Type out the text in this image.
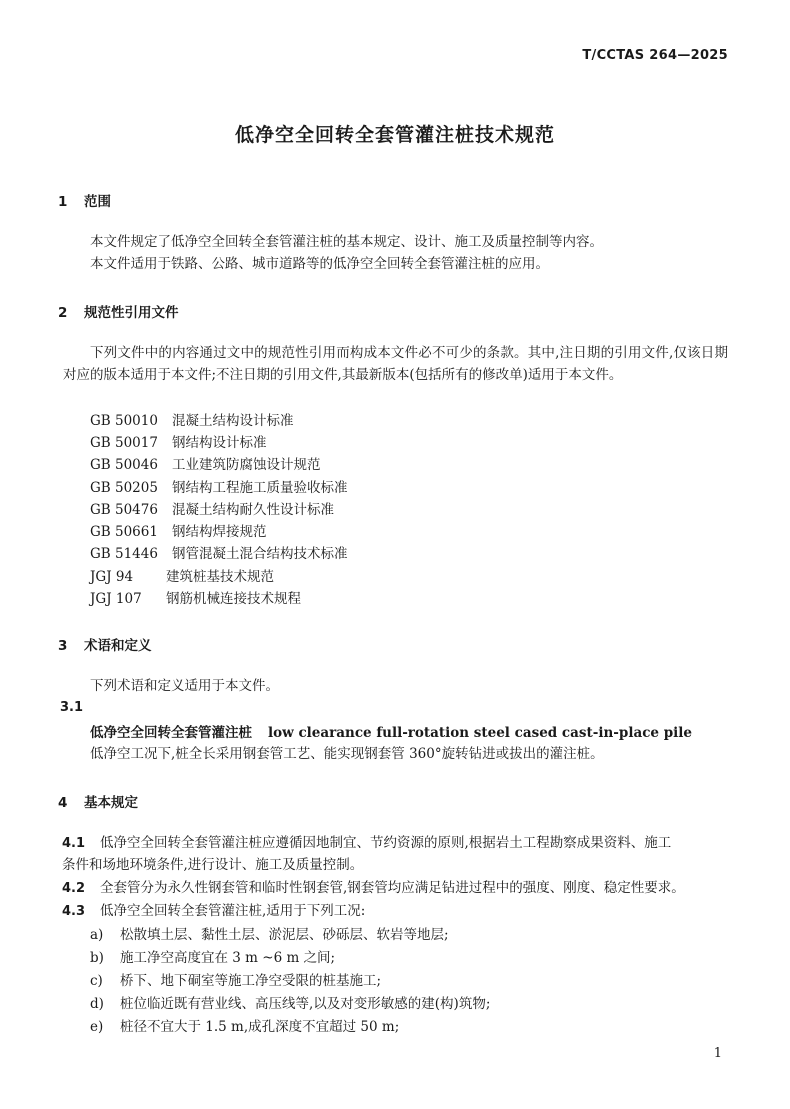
T/CCTAS 264—2025
低净空全回转全套管灌注桩技术规范
1 范围
本文件规定了低净空全回转全套管灌注桩的基本规定、设计、施工及质量控制等内容。
本文件适用于铁路、公路、城市道路等的低净空全回转全套管灌注桩的应用。
2 规范性引用文件
下列文件中的内容通过文中的规范性引用而构成本文件必不可少的条款。其中,注日期的引用文件,仅该日期对应的版本适用于本文件;不注日期的引用文件,其最新版本(包括所有的修改单)适用于本文件。
GB 50010 混凝土结构设计标准
GB 50017 钢结构设计标准
GB 50046 工业建筑防腐蚀设计规范
GB 50205 钢结构工程施工质量验收标准
GB 50476 混凝土结构耐久性设计标准
GB 50661 钢结构焊接规范
GB 51446 钢管混凝土混合结构技术标准
JGJ 94 建筑桩基技术规范
JGJ 107 钢筋机械连接技术规程
3 术语和定义
下列术语和定义适用于本文件。
3.1
低净空全回转全套管灌注桩 low clearance full-rotation steel cased cast-in-place pile
低净空工况下,桩全长采用钢套管工艺、能实现钢套管 360°旋转钻进或拔出的灌注桩。
4 基本规定
4.1 低净空全回转全套管灌注桩应遵循因地制宜、节约资源的原则,根据岩土工程勘察成果资料、施工
条件和场地环境条件,进行设计、施工及质量控制。
4.2 全套管分为永久性钢套管和临时性钢套管,钢套管均应满足钻进过程中的强度、刚度、稳定性要求。
4.3 低净空全回转全套管灌注桩,适用于下列工况:
a) 松散填土层、黏性土层、淤泥层、砂砾层、软岩等地层;
b) 施工净空高度宜在 3 m ~6 m 之间;
c) 桥下、地下硐室等施工净空受限的桩基施工;
d) 桩位临近既有营业线、高压线等,以及对变形敏感的建(构)筑物;
e) 桩径不宜大于 1.5 m,成孔深度不宜超过 50 m;
1
